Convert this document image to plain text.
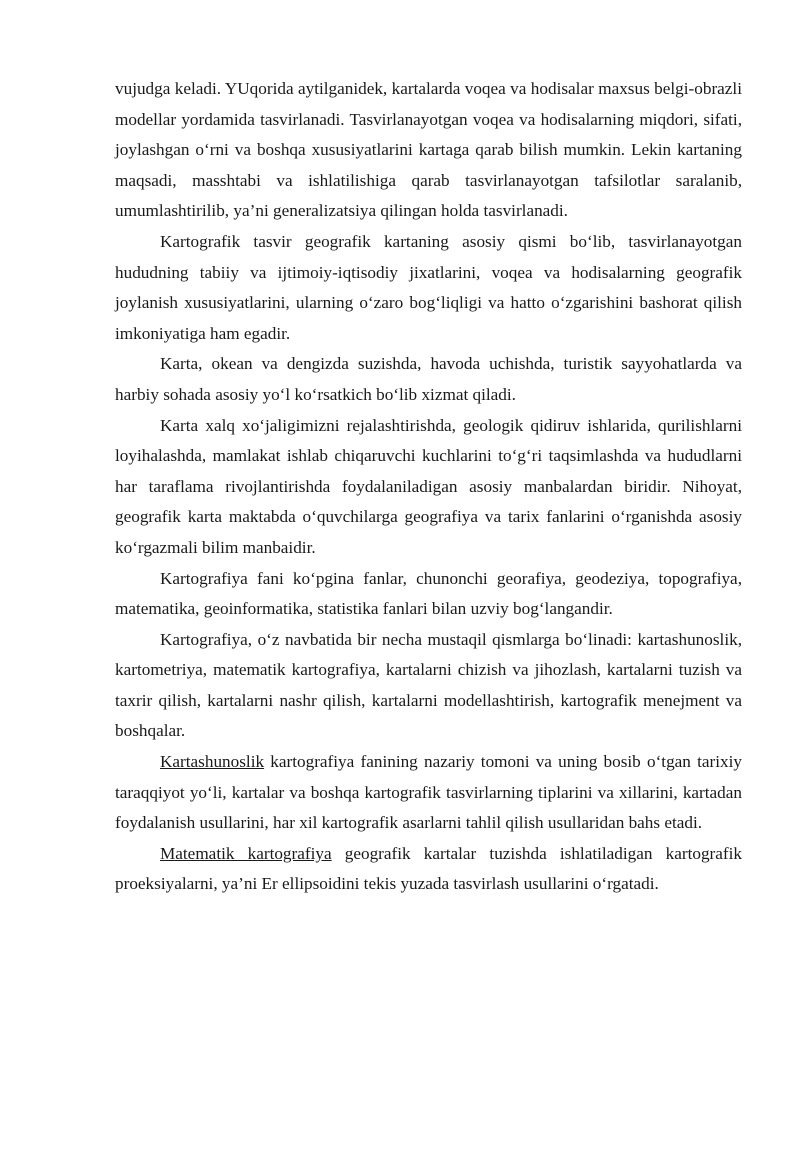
vujudga keladi. YUqorida aytilganidek, kartalarda voqea va hodisalar maxsus belgi-obrazli modellar yordamida tasvirlanadi. Tasvirlanayotgan voqea va hodisalarning miqdori, sifati, joylashgan o‘rni va boshqa xususiyatlarini kartaga qarab bilish mumkin. Lekin kartaning maqsadi, masshtabi va ishlatilishiga qarab tasvirlanayotgan tafsilotlar saralanib, umumlashtirilib, ya’ni generalizatsiya qilingan holda tasvirlanadi.

Kartografik tasvir geografik kartaning asosiy qismi bo‘lib, tasvirlanayotgan hududning tabiiy va ijtimoiy-iqtisodiy jixatlarini, voqea va hodisalarning geografik joylanish xususiyatlarini, ularning o‘zaro bog‘liqligi va hatto o‘zgarishini bashorat qilish imkoniyatiga ham egadir.

Karta, okean va dengizda suzishda, havoda uchishda, turistik sayyohatlarda va harbiy sohada asosiy yo‘l ko‘rsatkich bo‘lib xizmat qiladi.

Karta xalq xo‘jaligimizni rejalashtirishda, geologik qidiruv ishlarida, qurilishlarni loyihalashda, mamlakat ishlab chiqaruvchi kuchlarini to‘g‘ri taqsimlashda va hududlarni har taraflama rivojlantirishda foydalaniladigan asosiy manbalardan biridir. Nihoyat, geografik karta maktabda o‘quvchilarga geografiya va tarix fanlarini o‘rganishda asosiy ko‘rgazmali bilim manbaidir.

Kartografiya fani ko‘pgina fanlar, chunonchi georafiya, geodeziya, topografiya, matematika, geoinformatika, statistika fanlari bilan uzviy bog‘langandir.

Kartografiya, o‘z navbatida bir necha mustaqil qismlarga bo‘linadi: kartashunoslik, kartometriya, matematik kartografiya, kartalarni chizish va jihozlash, kartalarni tuzish va taxrir qilish, kartalarni nashr qilish, kartalarni modellashtirish, kartografik menejment va boshqalar.

Kartashunoslik kartografiya fanining nazariy tomoni va uning bosib o‘tgan tarixiy taraqqiyot yo‘li, kartalar va boshqa kartografik tasvirlarning tiplarini va xillarini, kartadan foydalanish usullarini, har xil kartografik asarlarni tahlil qilish usullaridan bahs etadi.

Matematik kartografiya geografik kartalar tuzishda ishlatiladigan kartografik proeksiyalarni, ya’ni Er ellipsoidini tekis yuzada tasvirlash usullarini o‘rgatadi.
